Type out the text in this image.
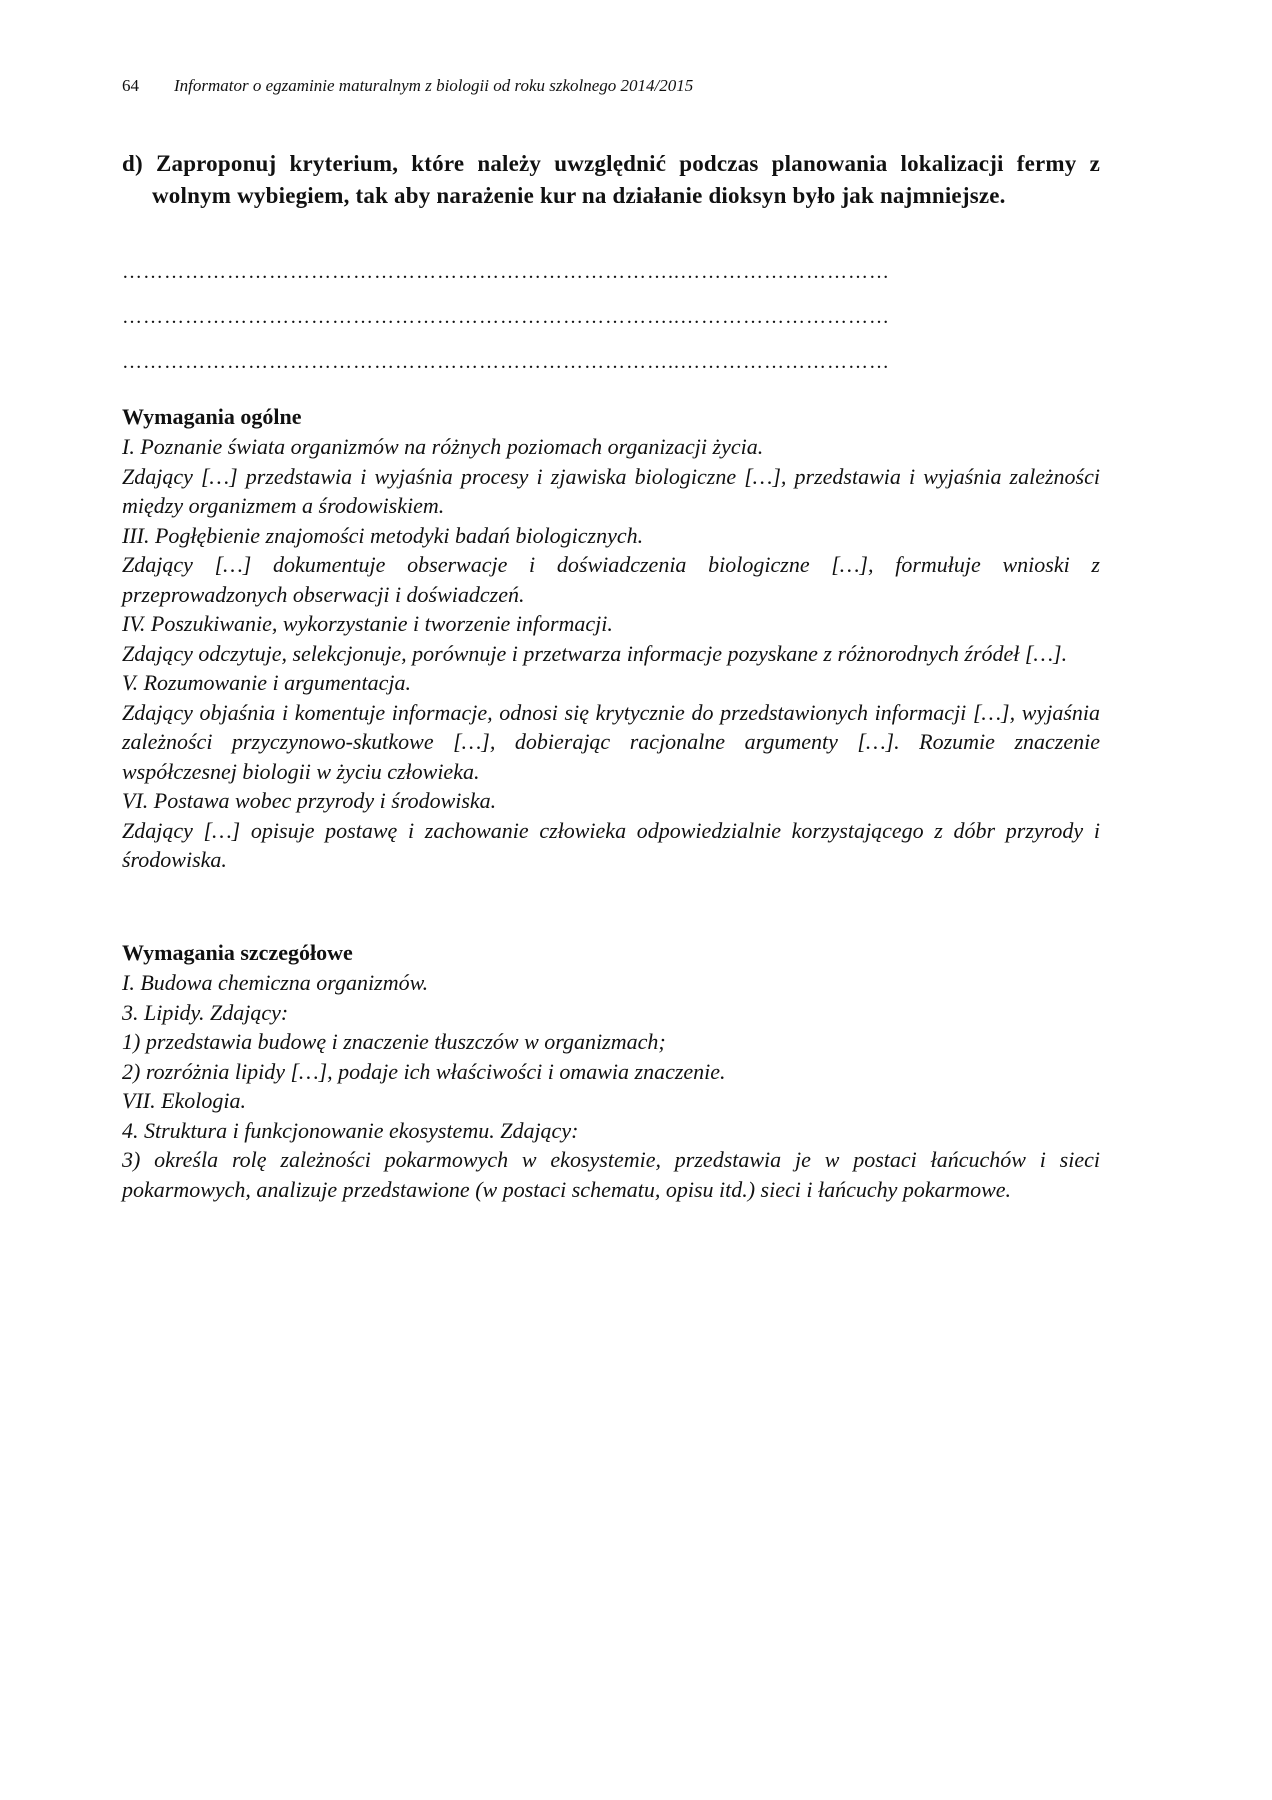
64 Informator o egzaminie maturalnym z biologii od roku szkolnego 2014/2015
d) Zaproponuj kryterium, które należy uwzględnić podczas planowania lokalizacji fermy z wolnym wybiegiem, tak aby narażenie kur na działanie dioksyn było jak najmniejsze.
……………………………………………………………………..…………………………
……………………………………………………………………..…………………………
……………………………………………………………………..…………………………
Wymagania ogólne

I. Poznanie świata organizmów na różnych poziomach organizacji życia.

Zdający […] przedstawia i wyjaśnia procesy i zjawiska biologiczne […], przedstawia i wyjaśnia zależności między organizmem a środowiskiem.

III. Pogłębienie znajomości metodyki badań biologicznych.

Zdający […] dokumentuje obserwacje i doświadczenia biologiczne […], formułuje wnioski z przeprowadzonych obserwacji i doświadczeń.

IV. Poszukiwanie, wykorzystanie i tworzenie informacji.

Zdający odczytuje, selekcjonuje, porównuje i przetwarza informacje pozyskane z różnorodnych źródeł […].

V. Rozumowanie i argumentacja.

Zdający objaśnia i komentuje informacje, odnosi się krytycznie do przedstawionych informacji […], wyjaśnia zależności przyczynowo-skutkowe […], dobierając racjonalne argumenty […]. Rozumie znaczenie współczesnej biologii w życiu człowieka.

VI. Postawa wobec przyrody i środowiska.

Zdający […] opisuje postawę i zachowanie człowieka odpowiedzialnie korzystającego z dóbr przyrody i środowiska.

Wymagania szczegółowe

I. Budowa chemiczna organizmów.

3. Lipidy. Zdający:

1) przedstawia budowę i znaczenie tłuszczów w organizmach;

2) rozróżnia lipidy […], podaje ich właściwości i omawia znaczenie.

VII. Ekologia.

4. Struktura i funkcjonowanie ekosystemu. Zdający:

3) określa rolę zależności pokarmowych w ekosystemie, przedstawia je w postaci łańcuchów i sieci pokarmowych, analizuje przedstawione (w postaci schematu, opisu itd.) sieci i łańcuchy pokarmowe.
